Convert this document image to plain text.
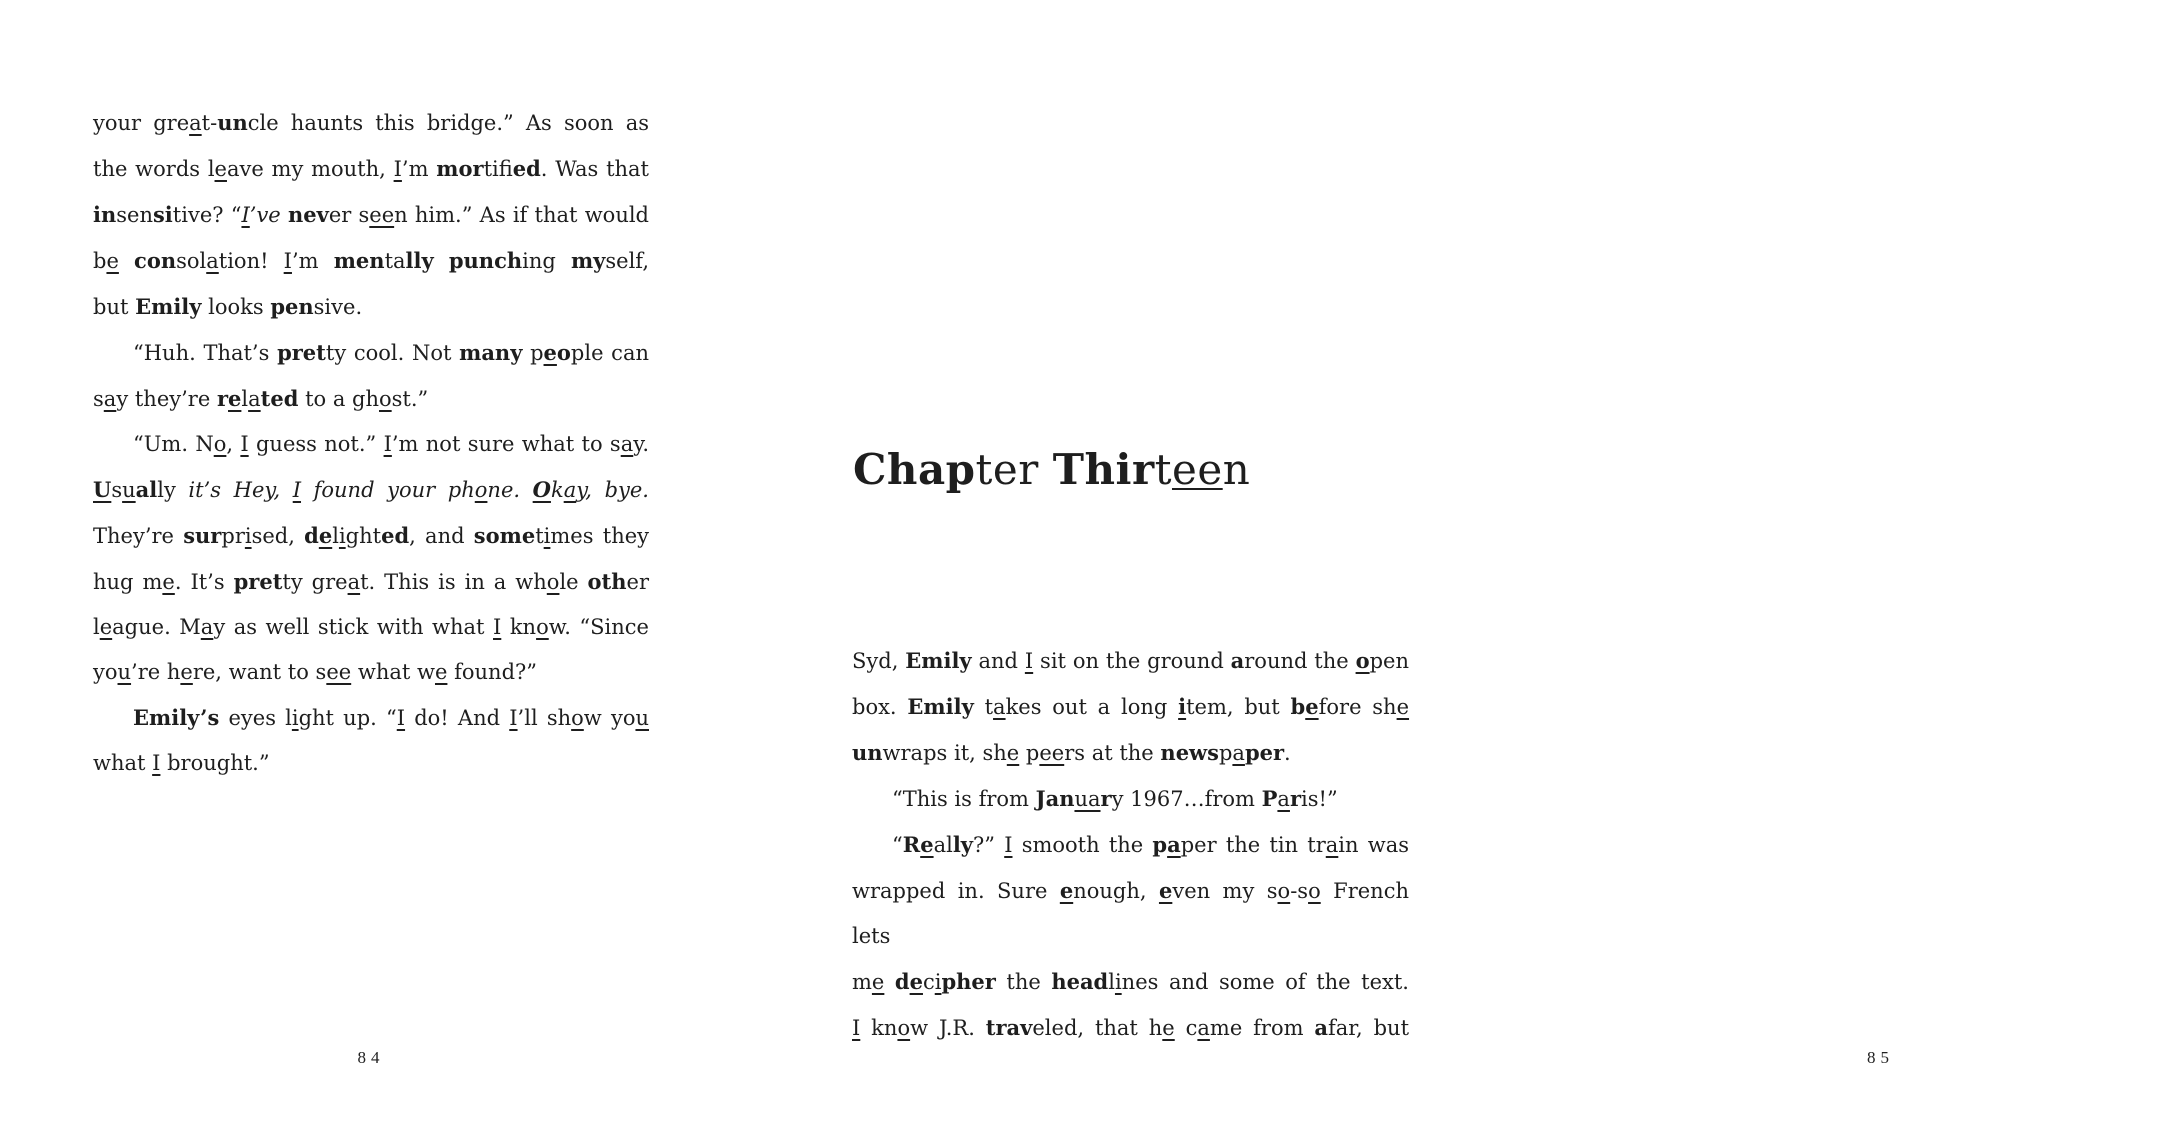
your great-uncle haunts this bridge.” As soon as
the words leave my mouth, I’m mortifed. Was that
insensitive? “I’ve never seen him.” As if that would
be consolation! I’m mentally punching myself,
but Emily looks pensive.
“Huh. That’s pretty cool. Not many people can
say they’re related to a ghost.”
“Um. No, I guess not.” I’m not sure what to say.
Usually it’s Hey, I found your phone. Okay, bye.
They’re surprised, delighted, and sometimes they
hug me. It’s pretty great. This is in a whole other
league. May as well stick with what I know. “Since
you’re here, want to see what we found?”
Emily’s eyes light up. “I do! And I’ll show you
what I brought.”
84
Chapter Thirteen
Syd, Emily and I sit on the ground around the open
box. Emily takes out a long item, but before she
unwraps it, she peers at the newspaper.
“This is from January 1967…from Paris!”
“Really?” I smooth the paper the tin train was
wrapped in. Sure enough, even my so-so French lets
me decipher the headlines and some of the text.
I know J.R. traveled, that he came from afar, but
85
